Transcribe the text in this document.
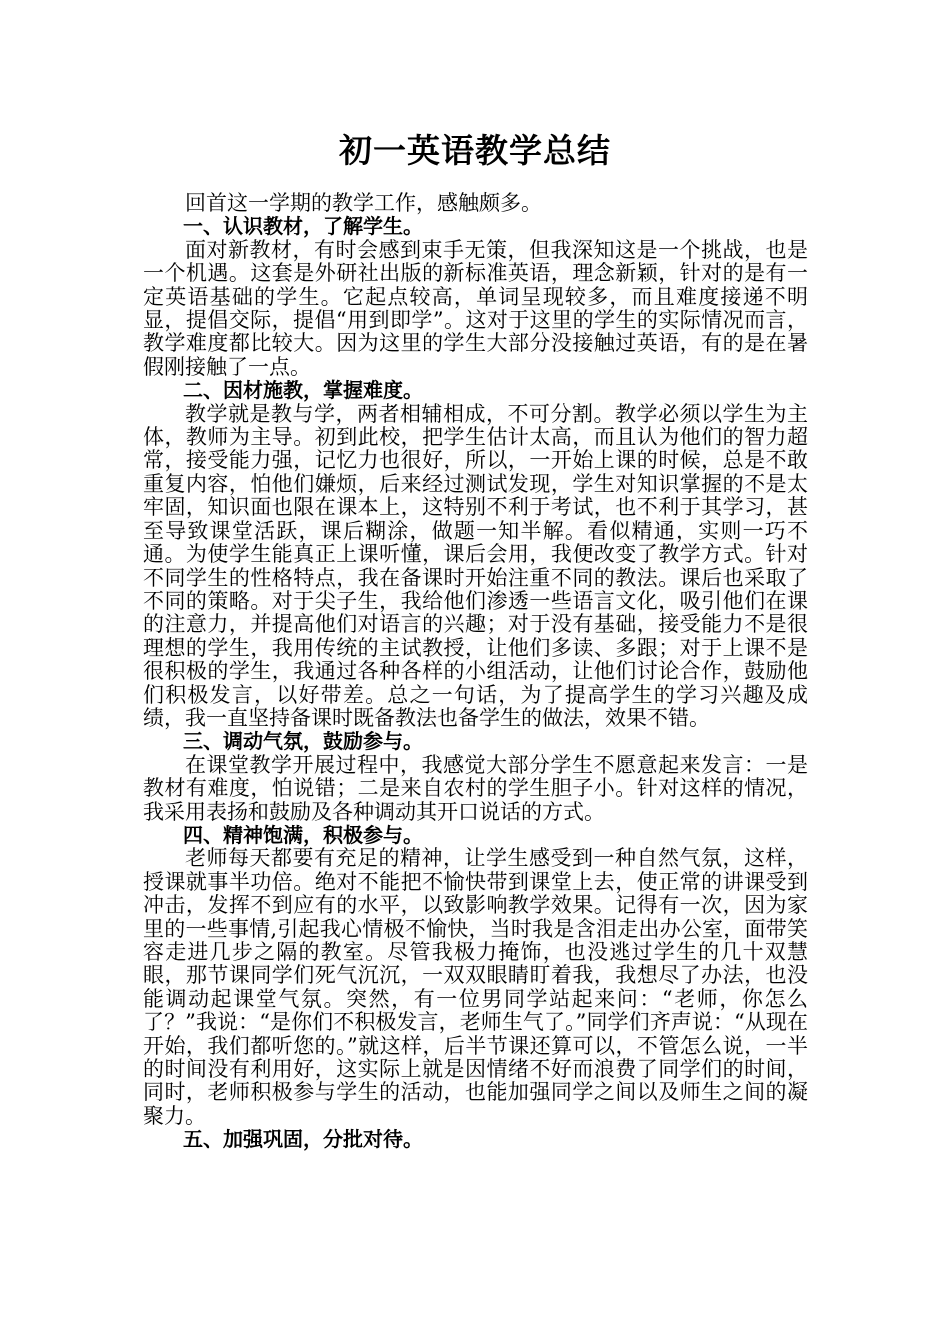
初一英语教学总结

回首这一学期的教学工作，感触颇多。

一、认识教材，了解学生。

面对新教材，有时会感到束手无策，但我深知这是一个挑战，也是一个机遇。这套是外研社出版的新标准英语，理念新颖，针对的是有一定英语基础的学生。它起点较高，单词呈现较多，而且难度接递不明显，提倡交际，提倡“用到即学”。这对于这里的学生的实际情况而言，教学难度都比较大。因为这里的学生大部分没接触过英语，有的是在暑假刚接触了一点。

二、因材施教，掌握难度。

教学就是教与学，两者相辅相成，不可分割。教学必须以学生为主体，教师为主导。初到此校，把学生估计太高，而且认为他们的智力超常，接受能力强，记忆力也很好，所以，一开始上课的时候，总是不敢重复内容，怕他们嫌烦，后来经过测试发现，学生对知识掌握的不是太牢固，知识面也限在课本上，这特别不利于考试，也不利于其学习，甚至导致课堂活跃，课后糊涂，做题一知半解。看似精通，实则一巧不通。为使学生能真正上课听懂，课后会用，我便改变了教学方式。针对不同学生的性格特点，我在备课时开始注重不同的教法。课后也采取了不同的策略。对于尖子生，我给他们渗透一些语言文化，吸引他们在课的注意力，并提高他们对语言的兴趣；对于没有基础，接受能力不是很理想的学生，我用传统的主试教授，让他们多读、多跟；对于上课不是很积极的学生，我通过各种各样的小组活动，让他们讨论合作，鼓励他们积极发言，以好带差。总之一句话，为了提高学生的学习兴趣及成绩，我一直坚持备课时既备教法也备学生的做法，效果不错。

三、调动气氛，鼓励参与。

在课堂教学开展过程中，我感觉大部分学生不愿意起来发言：一是教材有难度，怕说错；二是来自农村的学生胆子小。针对这样的情况，我采用表扬和鼓励及各种调动其开口说话的方式。

四、精神饱满，积极参与。

老师每天都要有充足的精神，让学生感受到一种自然气氛，这样，授课就事半功倍。绝对不能把不愉快带到课堂上去，使正常的讲课受到冲击，发挥不到应有的水平，以致影响教学效果。记得有一次，因为家里的一些事情,引起我心情极不愉快，当时我是含泪走出办公室，面带笑容走进几步之隔的教室。尽管我极力掩饰，也没逃过学生的几十双慧眼，那节课同学们死气沉沉，一双双眼睛盯着我，我想尽了办法，也没能调动起课堂气氛。突然，有一位男同学站起来问：“老师，你怎么了？”我说：“是你们不积极发言，老师生气了。”同学们齐声说：“从现在开始，我们都听您的。”就这样，后半节课还算可以，不管怎么说，一半的时间没有利用好，这实际上就是因情绪不好而浪费了同学们的时间，同时，老师积极参与学生的活动，也能加强同学之间以及师生之间的凝聚力。

五、加强巩固，分批对待。
